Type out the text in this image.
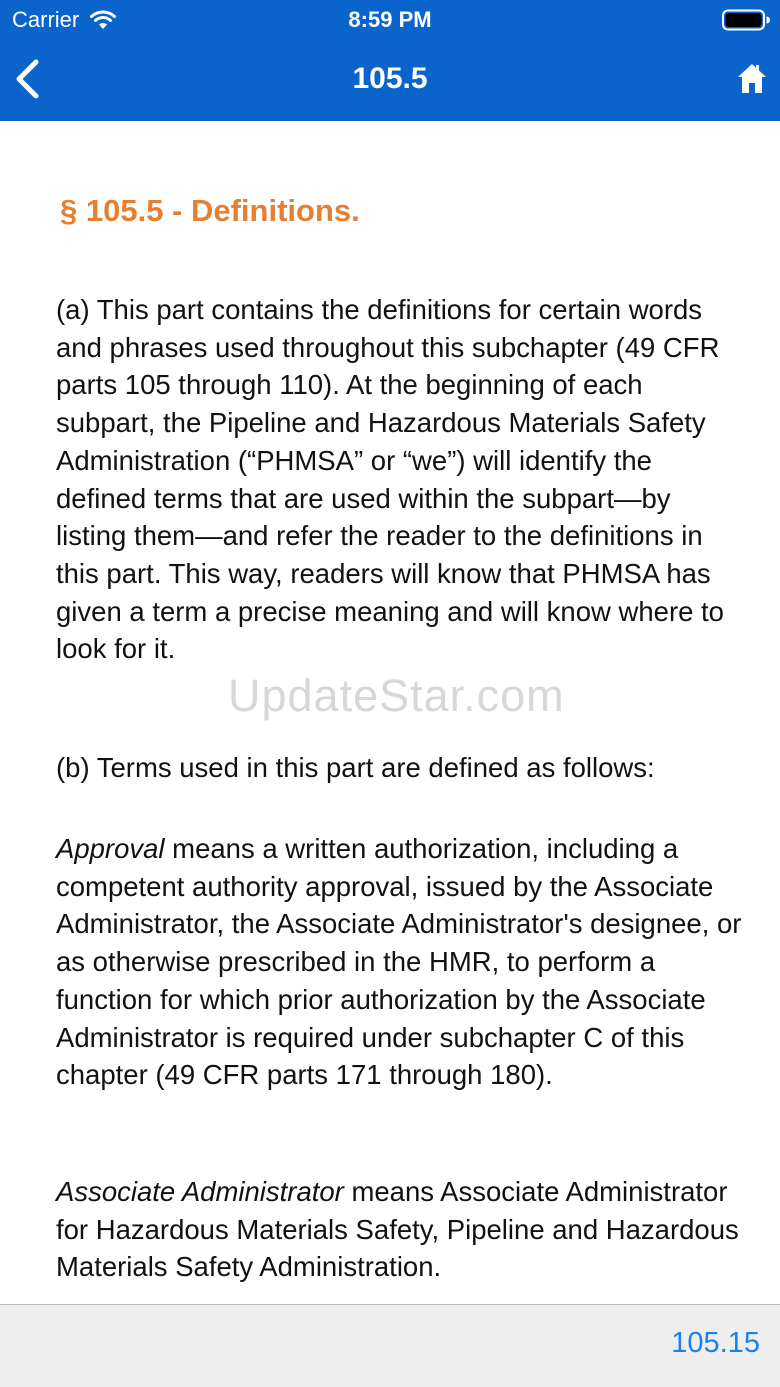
Carrier	8:59 PM
105.5
§ 105.5 - Definitions.

(a) This part contains the definitions for certain words and phrases used throughout this subchapter (49 CFR parts 105 through 110). At the beginning of each subpart, the Pipeline and Hazardous Materials Safety Administration (“PHMSA” or “we”) will identify the defined terms that are used within the subpart—by listing them—and refer the reader to the definitions in this part. This way, readers will know that PHMSA has given a term a precise meaning and will know where to look for it.

(b) Terms used in this part are defined as follows:

Approval means a written authorization, including a competent authority approval, issued by the Associate Administrator, the Associate Administrator's designee, or as otherwise prescribed in the HMR, to perform a function for which prior authorization by the Associate Administrator is required under subchapter C of this chapter (49 CFR parts 171 through 180).

Associate Administrator means Associate Administrator for Hazardous Materials Safety, Pipeline and Hazardous Materials Safety Administration.

UpdateStar.com
105.15
